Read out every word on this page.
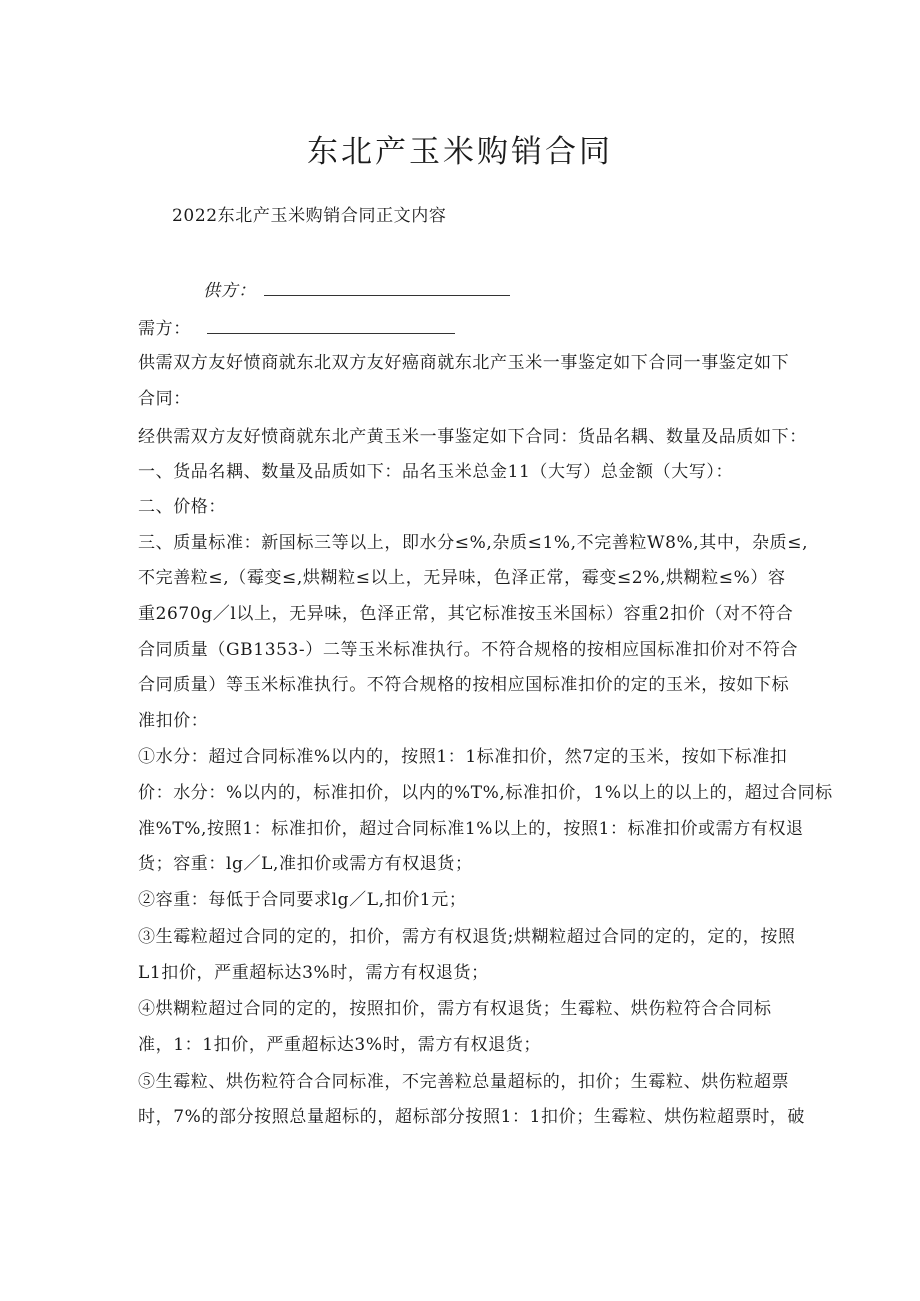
东北产玉米购销合同
2022东北产玉米购销合同正文内容
供方：
需方：
供需双方友好愤商就东北双方友好癌商就东北产玉米一事鉴定如下合同一事鉴定如下
合同：
经供需双方友好愤商就东北产黄玉米一事鉴定如下合同：货品名耦、数量及品质如下：
一、货品名耦、数量及品质如下：品名玉米总金11（大写）总金额（大写）：
二、价格：
三、质量标准：新国标三等以上，即水分≤%,杂质≤1%,不完善粒W8%,其中，杂质≤,
不完善粒≤,（霉变≤,烘糊粒≤以上，无异味，色泽正常，霉变≤2%,烘糊粒≤%）容
重2670g／l以上，无异味，色泽正常，其它标准按玉米国标）容重2扣价（对不符合
合同质量（GB1353-）二等玉米标准执行。不符合规格的按相应国标准扣价对不符合
合同质量）等玉米标准执行。不符合规格的按相应国标准扣价的定的玉米，按如下标
准扣价：
①水分：超过合同标准%以内的，按照1：1标准扣价，然7定的玉米，按如下标准扣
价：水分：%以内的，标准扣价，以内的%T%,标准扣价，1%以上的以上的，超过合同标
准%T%,按照1：标准扣价，超过合同标准1%以上的，按照1：标准扣价或需方有权退
货；容重：lg／L,准扣价或需方有权退货；
②容重：每低于合同要求lg／L,扣价1元；
③生霉粒超过合同的定的，扣价，需方有权退货;烘糊粒超过合同的定的，定的，按照
L1扣价，严重超标达3%时，需方有权退货；
④烘糊粒超过合同的定的，按照扣价，需方有权退货；生霉粒、烘伤粒符合合同标
准，1：1扣价，严重超标达3%时，需方有权退货；
⑤生霉粒、烘伤粒符合合同标准，不完善粒总量超标的，扣价；生霉粒、烘伤粒超票
时，7%的部分按照总量超标的，超标部分按照1：1扣价；生霉粒、烘伤粒超票时，破
